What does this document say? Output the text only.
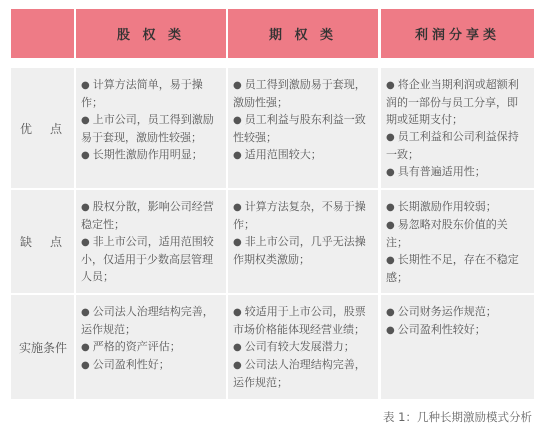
股 权 类	期 权 类	利润分享类
优 点

● 计算方法简单，易于操作；

● 上市公司，员工得到激励易于套现，激励性较强；

● 长期性激励作用明显；

● 员工得到激励易于套现，激励性强；

● 员工利益与股东利益一致性较强；

● 适用范围较大；

● 将企业当期利润或超额利润的一部份与员工分享，即期或延期支付；

● 员工利益和公司利益保持一致；

● 具有普遍适用性；

缺 点

● 股权分散，影响公司经营稳定性；

● 非上市公司，适用范围较小，仅适用于少数高层管理人员；

● 计算方法复杂，不易于操作；

● 非上市公司，几乎无法操作期权类激励；

● 长期激励作用较弱；

● 易忽略对股东价值的关注；

● 长期性不足，存在不稳定感；

实施条件

● 公司法人治理结构完善，运作规范；

● 严格的资产评估；

● 公司盈利性好；

● 较适用于上市公司，股票市场价格能体现经营业绩；

● 公司有较大发展潜力；

● 公司法人治理结构完善，运作规范；

● 公司财务运作规范；

● 公司盈利性较好；

表 1：几种长期激励模式分析
